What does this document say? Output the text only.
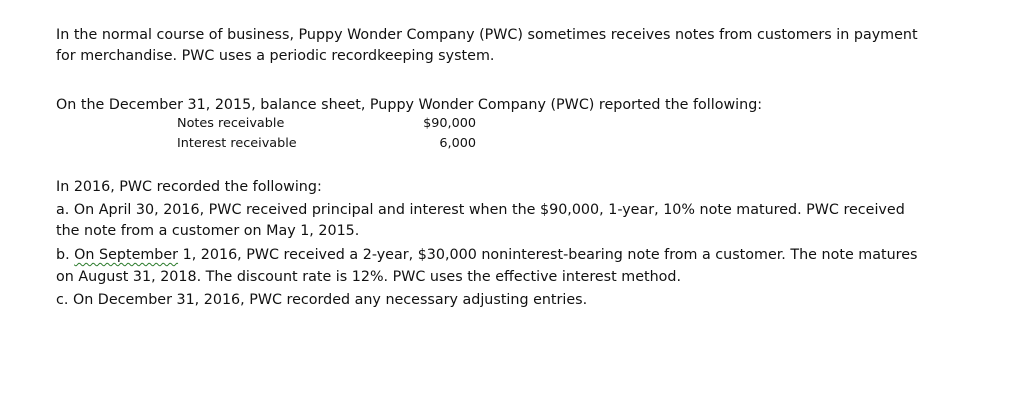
In the normal course of business, Puppy Wonder Company (PWC) sometimes receives notes from customers in payment
for merchandise. PWC uses a periodic recordkeeping system.
On the December 31, 2015, balance sheet, Puppy Wonder Company (PWC) reported the following:
Notes receivable	$90,000
Interest receivable	6,000
In 2016, PWC recorded the following:
a. On April 30, 2016, PWC received principal and interest when the $90,000, 1-year, 10% note matured. PWC received
the note from a customer on May 1, 2015.
b. On September 1, 2016, PWC received a 2-year, $30,000 noninterest-bearing note from a customer. The note matures
on August 31, 2018. The discount rate is 12%. PWC uses the effective interest method.
c. On December 31, 2016, PWC recorded any necessary adjusting entries.
